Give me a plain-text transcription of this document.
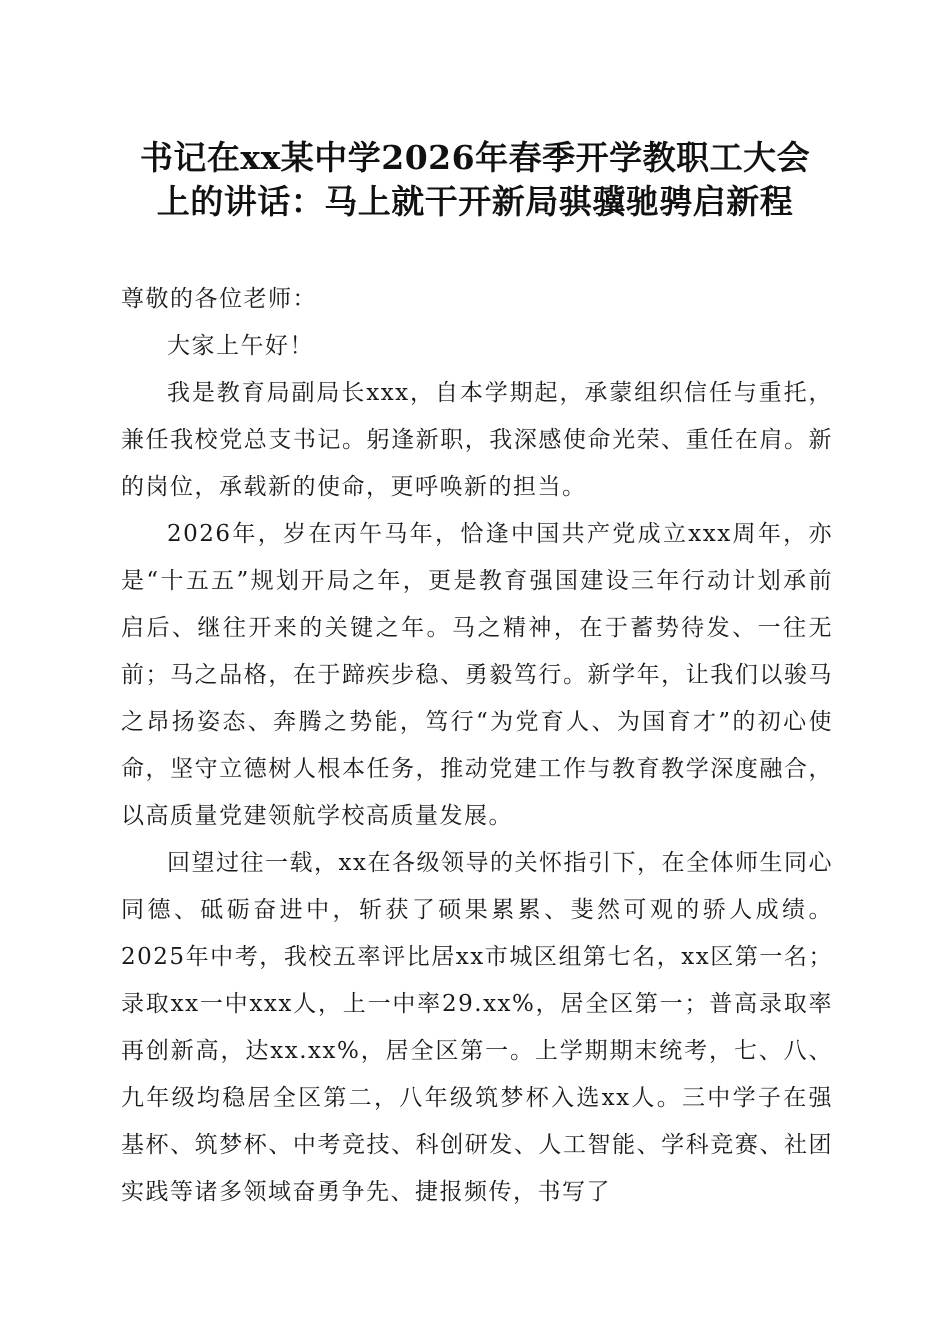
书记在xx某中学2026年春季开学教职工大会
上的讲话：马上就干开新局骐骥驰骋启新程

尊敬的各位老师：

大家上午好！

我是教育局副局长xxx，自本学期起，承蒙组织信任与重托，兼任我校党总支书记。躬逢新职，我深感使命光荣、重任在肩。新的岗位，承载新的使命，更呼唤新的担当。

2026年，岁在丙午马年，恰逢中国共产党成立xxx周年，亦是“十五五”规划开局之年，更是教育强国建设三年行动计划承前启后、继往开来的关键之年。马之精神，在于蓄势待发、一往无前；马之品格，在于蹄疾步稳、勇毅笃行。新学年，让我们以骏马之昂扬姿态、奔腾之势能，笃行“为党育人、为国育才”的初心使命，坚守立德树人根本任务，推动党建工作与教育教学深度融合，以高质量党建领航学校高质量发展。

回望过往一载，xx在各级领导的关怀指引下，在全体师生同心同德、砥砺奋进中，斩获了硕果累累、斐然可观的骄人成绩。2025年中考，我校五率评比居xx市城区组第七名，xx区第一名；录取xx一中xxx人，上一中率29.xx%，居全区第一；普高录取率再创新高，达xx.xx%，居全区第一。上学期期末统考，七、八、九年级均稳居全区第二，八年级筑梦杯入选xx人。三中学子在强基杯、筑梦杯、中考竞技、科创研发、人工智能、学科竞赛、社团实践等诸多领域奋勇争先、捷报频传，书写了
